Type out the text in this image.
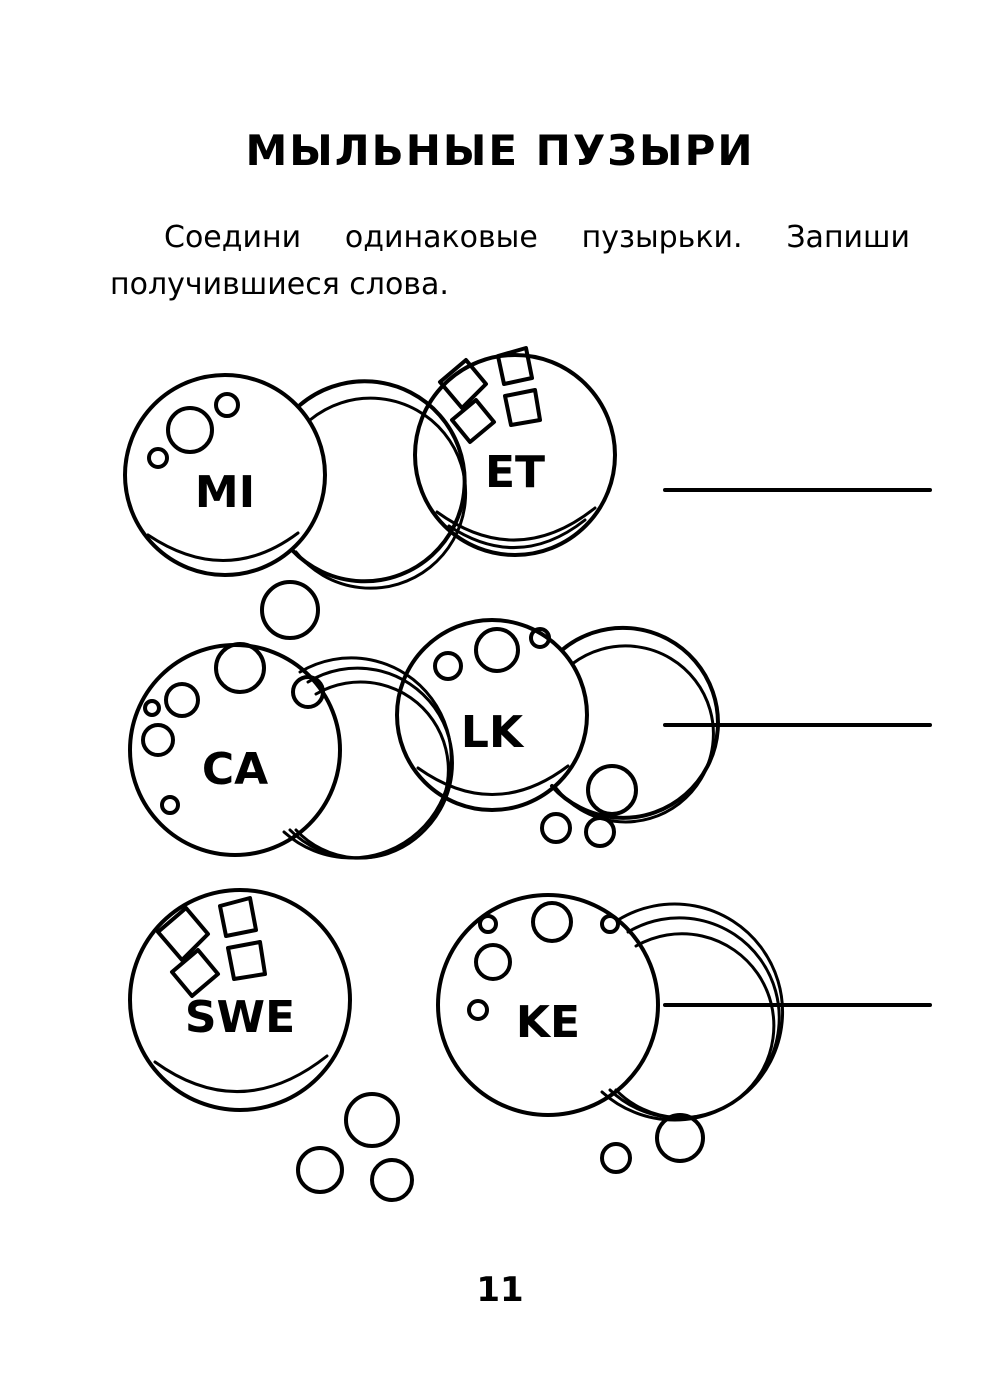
МЫЛЬНЫЕ ПУЗЫРИ

Соедини одинаковые пузырьки. Запиши получившиеся слова.

MI	ET
CA
LK
SWE	KE
11
